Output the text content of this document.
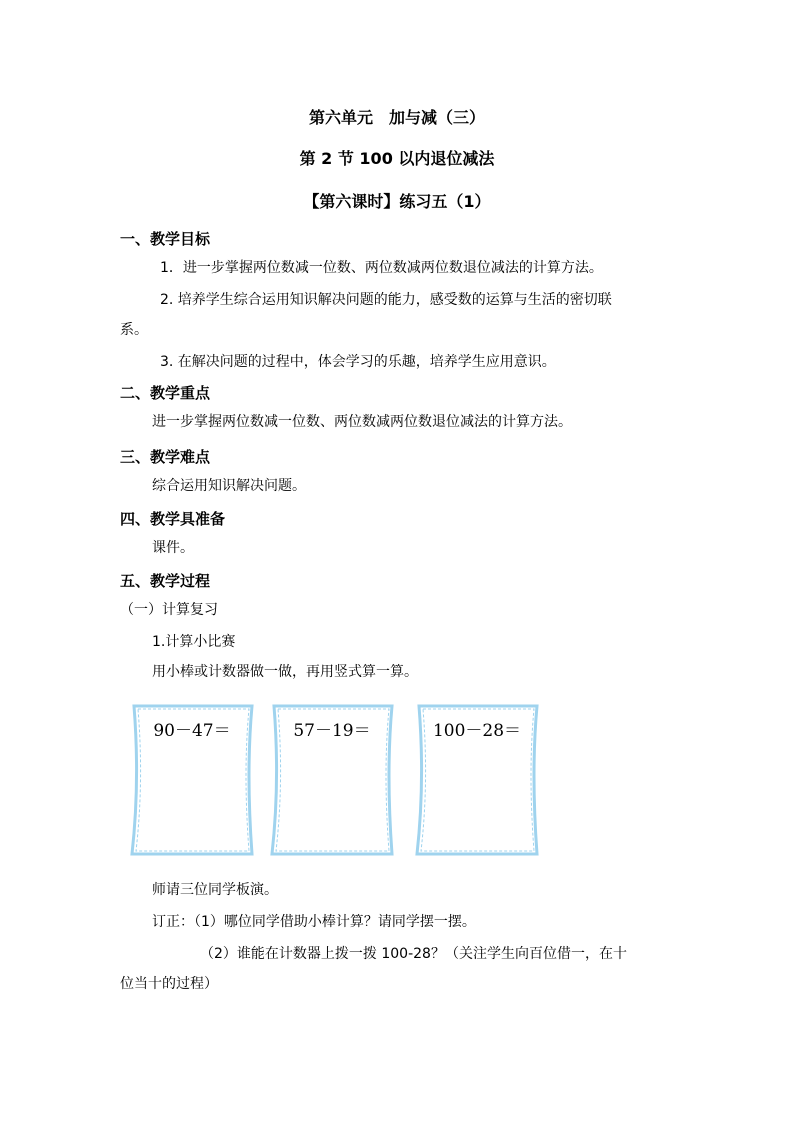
第六单元　加与减（三）
第 2 节 100 以内退位减法
【第六课时】练习五（1）
一、教学目标
1．进一步掌握两位数减一位数、两位数减两位数退位减法的计算方法。
2. 培养学生综合运用知识解决问题的能力，感受数的运算与生活的密切联
系。
3. 在解决问题的过程中，体会学习的乐趣，培养学生应用意识。
二、教学重点
进一步掌握两位数减一位数、两位数减两位数退位减法的计算方法。
三、教学难点
综合运用知识解决问题。
四、教学具准备
课件。
五、教学过程
（一）计算复习
1.计算小比赛
用小棒或计数器做一做，再用竖式算一算。
90－47＝	57－19＝	100－28＝
师请三位同学板演。
订正：（1）哪位同学借助小棒计算？请同学摆一摆。
（2）谁能在计数器上拨一拨 100-28？（关注学生向百位借一，在十
位当十的过程）
